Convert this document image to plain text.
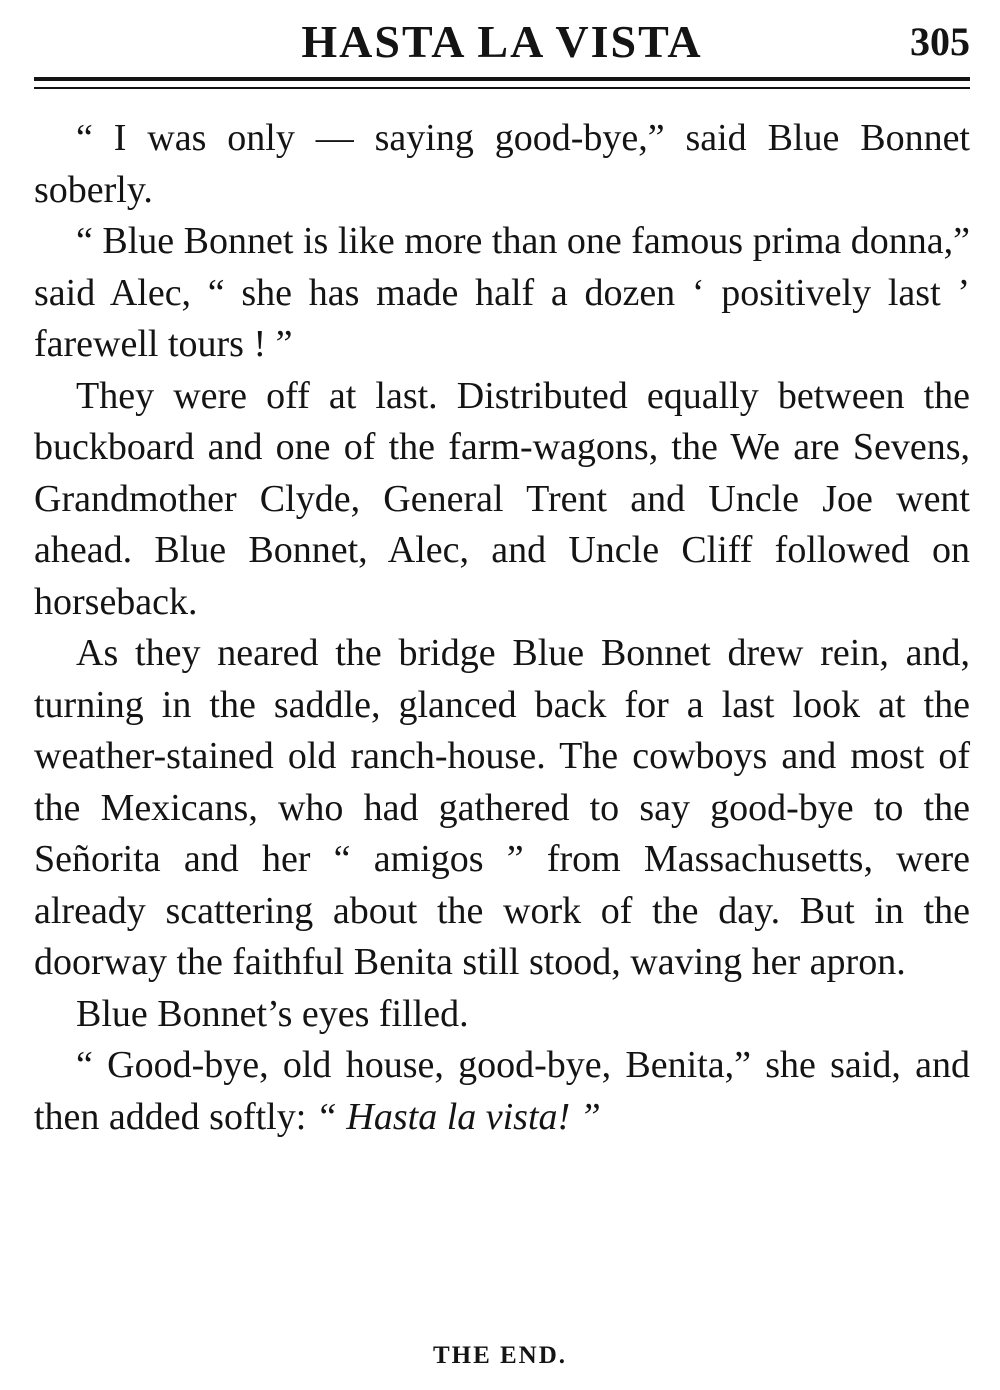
HASTA LA VISTA	305

“ I was only — saying good-bye,” said Blue Bonnet soberly.

“ Blue Bonnet is like more than one famous prima donna,” said Alec, “ she has made half a dozen ‘ positively last ’ farewell tours ! ”

They were off at last. Distributed equally between the buckboard and one of the farm-wagons, the We are Sevens, Grandmother Clyde, General Trent and Uncle Joe went ahead. Blue Bonnet, Alec, and Uncle Cliff followed on horseback.

As they neared the bridge Blue Bonnet drew rein, and, turning in the saddle, glanced back for a last look at the weather-stained old ranch-house. The cowboys and most of the Mexicans, who had gathered to say good-bye to the Señorita and her “ amigos ” from Massachusetts, were already scattering about the work of the day. But in the doorway the faithful Benita still stood, waving her apron.

Blue Bonnet’s eyes filled.

“ Good-bye, old house, good-bye, Benita,” she said, and then added softly: “ Hasta la vista! ”

THE END.
